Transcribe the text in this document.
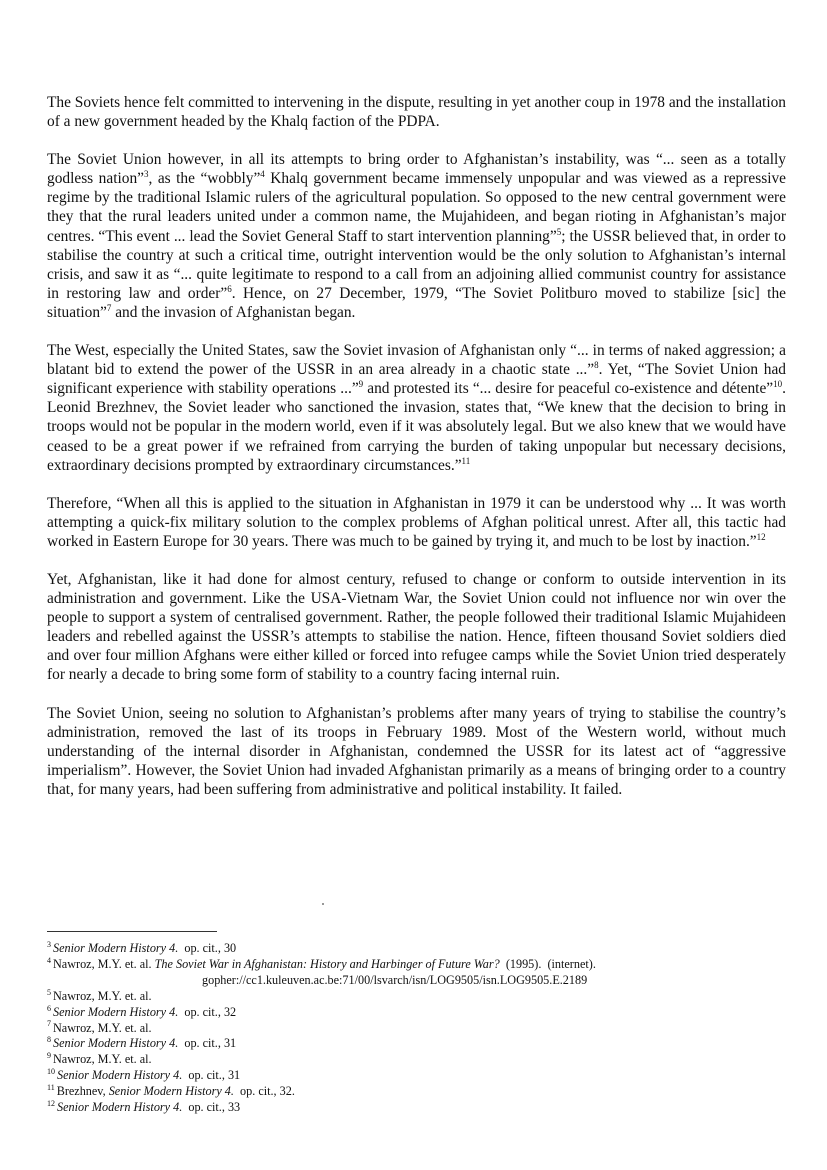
The Soviets hence felt committed to intervening in the dispute, resulting in yet another coup in 1978 and the installation of a new government headed by the Khalq faction of the PDPA.

The Soviet Union however, in all its attempts to bring order to Afghanistan’s instability, was “... seen as a totally godless nation”$^3$, as the “wobbly”$^4$ Khalq government became immensely unpopular and was viewed as a repressive regime by the traditional Islamic rulers of the agricultural population. So opposed to the new central government were they that the rural leaders united under a common name, the Mujahideen, and began rioting in Afghanistan’s major centres. “This event ... lead the Soviet General Staff to start intervention planning”$^5$; the USSR believed that, in order to stabilise the country at such a critical time, outright intervention would be the only solution to Afghanistan’s internal crisis, and saw it as “... quite legitimate to respond to a call from an adjoining allied communist country for assistance in restoring law and order”$^6$. Hence, on 27 December, 1979, “The Soviet Politburo moved to stabilize [sic] the situation”$^7$ and the invasion of Afghanistan began.

The West, especially the United States, saw the Soviet invasion of Afghanistan only “... in terms of naked aggression; a blatant bid to extend the power of the USSR in an area already in a chaotic state ...”$^8$. Yet, “The Soviet Union had significant experience with stability operations ...”$^9$ and protested its “... desire for peaceful co-existence and détente”$^{10}$. Leonid Brezhnev, the Soviet leader who sanctioned the invasion, states that, “We knew that the decision to bring in troops would not be popular in the modern world, even if it was absolutely legal. But we also knew that we would have ceased to be a great power if we refrained from carrying the burden of taking unpopular but necessary decisions, extraordinary decisions prompted by extraordinary circumstances.”$^{11}$

Therefore, “When all this is applied to the situation in Afghanistan in 1979 it can be understood why ... It was worth attempting a quick-fix military solution to the complex problems of Afghan political unrest. After all, this tactic had worked in Eastern Europe for 30 years. There was much to be gained by trying it, and much to be lost by inaction.”$^{12}$

Yet, Afghanistan, like it had done for almost century, refused to change or conform to outside intervention in its administration and government. Like the USA-Vietnam War, the Soviet Union could not influence nor win over the people to support a system of centralised government. Rather, the people followed their traditional Islamic Mujahideen leaders and rebelled against the USSR’s attempts to stabilise the nation. Hence, fifteen thousand Soviet soldiers died and over four million Afghans were either killed or forced into refugee camps while the Soviet Union tried desperately for nearly a decade to bring some form of stability to a country facing internal ruin.

The Soviet Union, seeing no solution to Afghanistan’s problems after many years of trying to stabilise the country’s administration, removed the last of its troops in February 1989. Most of the Western world, without much understanding of the internal disorder in Afghanistan, condemned the USSR for its latest act of “aggressive imperialism”. However, the Soviet Union had invaded Afghanistan primarily as a means of bringing order to a country that, for many years, had been suffering from administrative and political instability. It failed.

$^3$ Senior Modern History 4.  op. cit., 30
$^4$ Nawroz, M.Y. et. al. The Soviet War in Afghanistan: History and Harbinger of Future War?  (1995).  (internet).
gopher://cc1.kuleuven.ac.be:71/00/lsvarch/isn/LOG9505/isn.LOG9505.E.2189
$^5$ Nawroz, M.Y. et. al.
$^6$ Senior Modern History 4.  op. cit., 32
$^7$ Nawroz, M.Y. et. al.
$^8$ Senior Modern History 4.  op. cit., 31
$^9$ Nawroz, M.Y. et. al.
$^{10}$ Senior Modern History 4.  op. cit., 31
$^{11}$ Brezhnev, Senior Modern History 4.  op. cit., 32.
$^{12}$ Senior Modern History 4.  op. cit., 33
